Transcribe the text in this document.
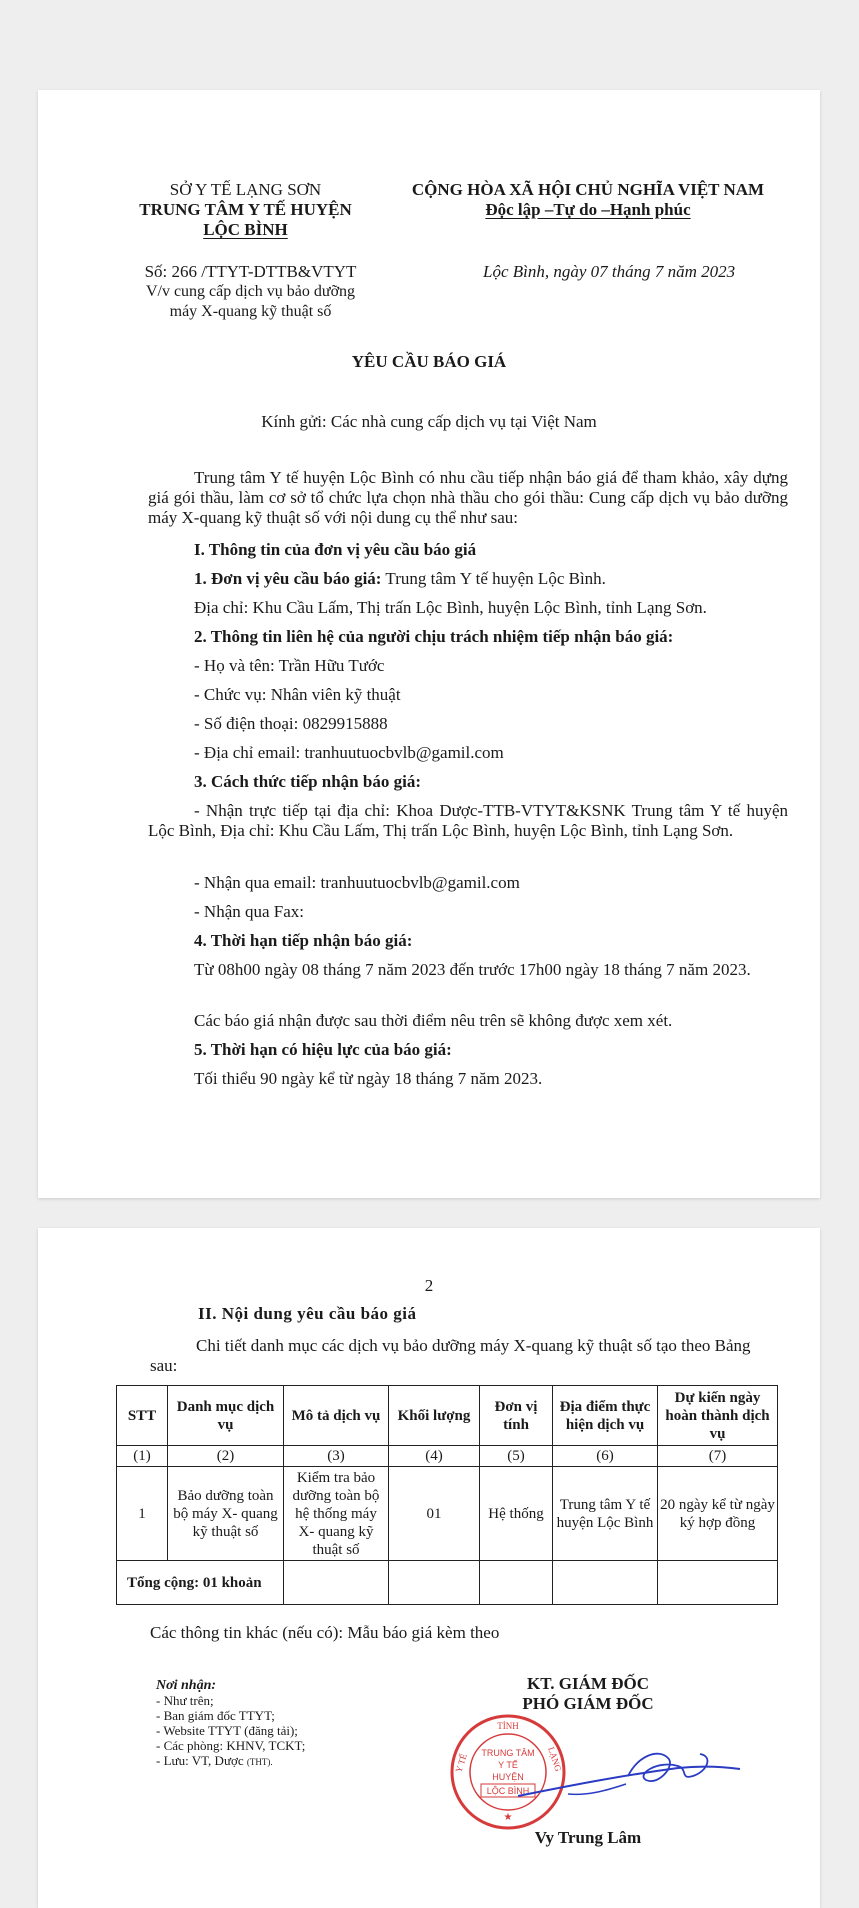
SỞ Y TẾ LẠNG SƠN
TRUNG TÂM Y TẾ HUYỆN
LỘC BÌNH
CỘNG HÒA XÃ HỘI CHỦ NGHĨA VIỆT NAM
Độc lập –Tự do –Hạnh phúc
Số: 266 /TTYT-DTTB&VTYT
V/v cung cấp dịch vụ bảo dưỡng
máy X-quang kỹ thuật số
Lộc Bình, ngày 07 tháng 7 năm 2023
YÊU CẦU BÁO GIÁ
Kính gửi: Các nhà cung cấp dịch vụ tại Việt Nam
Trung tâm Y tế huyện Lộc Bình có nhu cầu tiếp nhận báo giá để tham khảo, xây dựng giá gói thầu, làm cơ sở tổ chức lựa chọn nhà thầu cho gói thầu: Cung cấp dịch vụ bảo dưỡng máy X-quang kỹ thuật số với nội dung cụ thể như sau:
I. Thông tin của đơn vị yêu cầu báo giá
1. Đơn vị yêu cầu báo giá: Trung tâm Y tế huyện Lộc Bình.
Địa chỉ: Khu Cầu Lấm, Thị trấn Lộc Bình, huyện Lộc Bình, tỉnh Lạng Sơn.
2. Thông tin liên hệ của người chịu trách nhiệm tiếp nhận báo giá:
- Họ và tên: Trần Hữu Tước
- Chức vụ: Nhân viên kỹ thuật
- Số điện thoại: 0829915888
- Địa chỉ email: tranhuutuocbvlb@gamil.com
3. Cách thức tiếp nhận báo giá:
- Nhận trực tiếp tại địa chỉ: Khoa Dược-TTB-VTYT&KSNK Trung tâm Y tế huyện Lộc Bình, Địa chỉ: Khu Cầu Lấm, Thị trấn Lộc Bình, huyện Lộc Bình, tỉnh Lạng Sơn.
- Nhận qua email: tranhuutuocbvlb@gamil.com
- Nhận qua Fax:
4. Thời hạn tiếp nhận báo giá:
Từ 08h00 ngày 08 tháng 7 năm 2023 đến trước 17h00 ngày 18 tháng 7 năm 2023.
Các báo giá nhận được sau thời điểm nêu trên sẽ không được xem xét.
5. Thời hạn có hiệu lực của báo giá:
Tối thiểu 90 ngày kể từ ngày 18 tháng 7 năm 2023.
2
II. Nội dung yêu cầu báo giá
Chi tiết danh mục các dịch vụ bảo dưỡng máy X-quang kỹ thuật số tạo theo Bảng sau:
STT	Danh mục dịch vụ	Mô tả dịch vụ	Khối lượng	Đơn vị tính	Địa điểm thực hiện dịch vụ	Dự kiến ngày hoàn thành dịch vụ
(1)	(2)	(3)	(4)	(5)	(6)	(7)
1	Bảo dưỡng toàn bộ máy X- quang kỹ thuật số	Kiểm tra bảo dưỡng toàn bộ hệ thống máy X- quang kỹ thuật số	01	Hệ thống	Trung tâm Y tế huyện Lộc Bình	20 ngày kể từ ngày ký hợp đồng
Tổng cộng: 01 khoản						
Các thông tin khác (nếu có): Mẫu báo giá kèm theo
Nơi nhận:
- Như trên;
- Ban giám đốc TTYT;
- Website TTYT (đăng tải);
- Các phòng: KHNV, TCKT;
- Lưu: VT, Dược (THT).
KT. GIÁM ĐỐC
PHÓ GIÁM ĐỐC
TỈNH
Y TẾ	LẠNG
TRUNG TÂM
Y TẾ
HUYỆN
LỘC BÌNH
★
Vy Trung Lâm
